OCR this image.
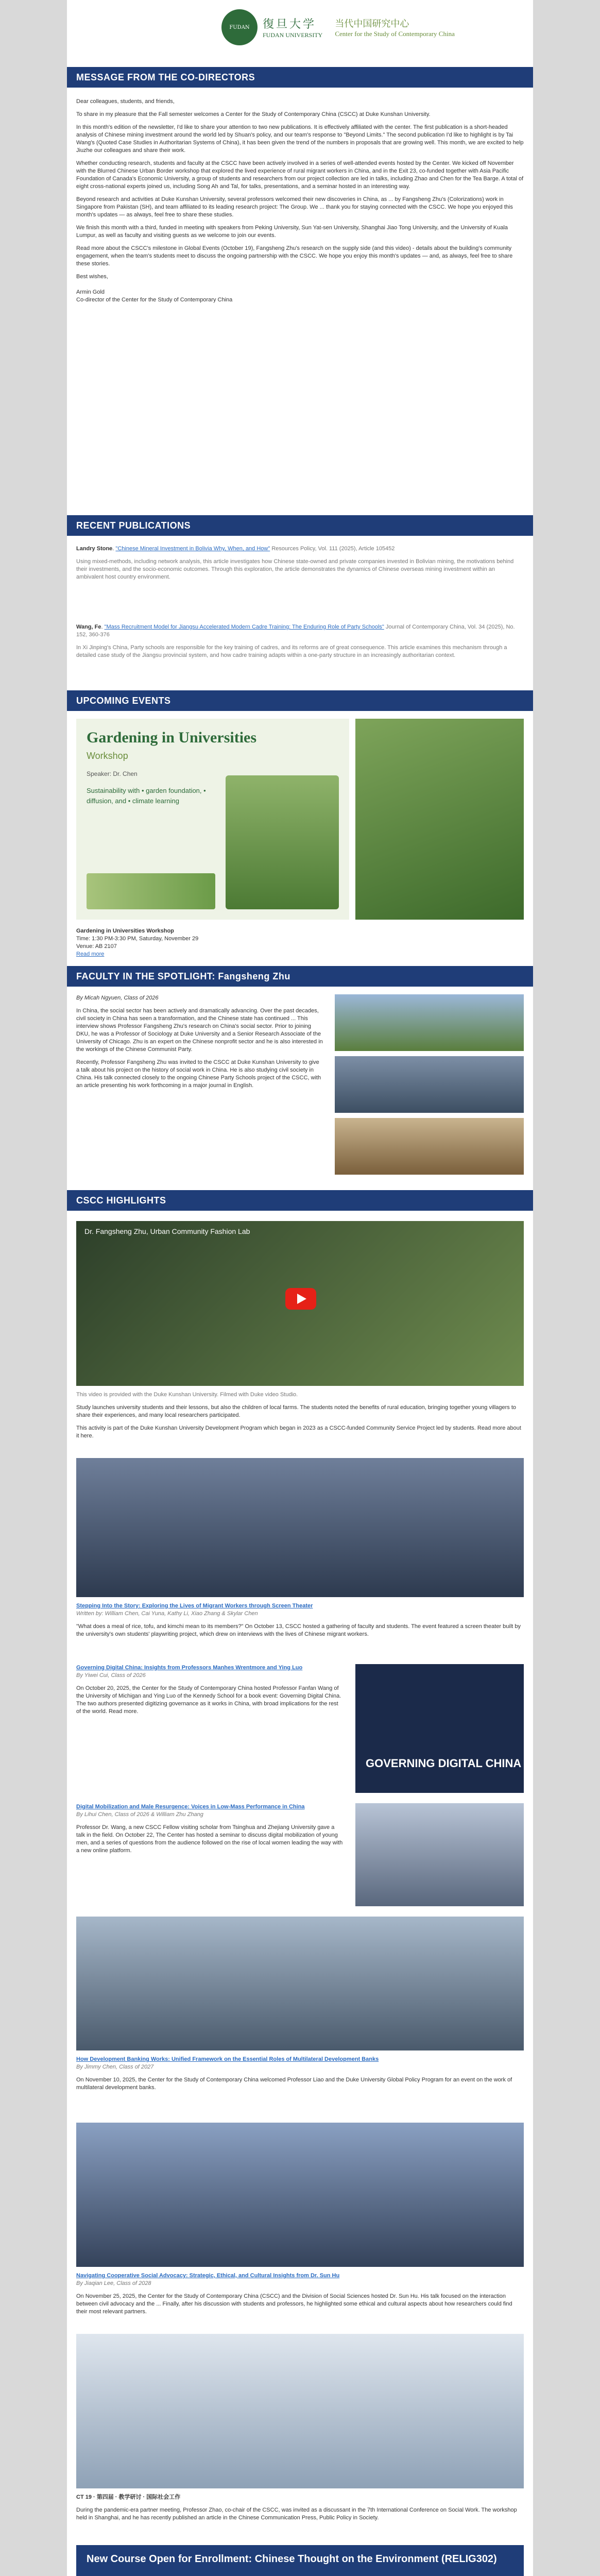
FUDAN 復旦大学
FUDAN UNIVERSITY
当代中国研究中心
Center for the Study of Contemporary China
MESSAGE FROM THE CO-DIRECTORS

Dear colleagues, students, and friends,

To share in my pleasure that the Fall semester welcomes a Center for the Study of Contemporary China (CSCC) at Duke Kunshan University.

In this month's edition of the newsletter, I'd like to share your attention to two new publications. It is effectively affiliated with the center. The first publication is a short-headed analysis of Chinese mining investment around the world led by Shuan's policy, and our team's response to "Beyond Limits." The second publication I'd like to highlight is by Tai Wang's (Quoted Case Studies in Authoritarian Systems of China), it has been given the trend of the numbers in proposals that are growing well. This month, we are excited to help Jiuzhe our colleagues and share their work.

Whether conducting research, students and faculty at the CSCC have been actively involved in a series of well-attended events hosted by the Center. We kicked off November with the Blurred Chinese Urban Border workshop that explored the lived experience of rural migrant workers in China, and in the Exit 23, co-funded together with Asia Pacific Foundation of Canada's Economic University, a group of students and researchers from our project collection are led in talks, including Zhao and Chen for the Tea Barge. A total of eight cross-national experts joined us, including Song Ah and Tal, for talks, presentations, and a seminar hosted in an interesting way.

Beyond research and activities at Duke Kunshan University, several professors welcomed their new discoveries in China, as ... by Fangsheng Zhu's (Colorizations) work in Singapore from Pakistan (SH), and team affiliated to its leading research project: The Group. We ... thank you for staying connected with the CSCC. We hope you enjoyed this month's updates — as always, feel free to share these studies.

We finish this month with a third, funded in meeting with speakers from Peking University, Sun Yat-sen University, Shanghai Jiao Tong University, and the University of Kuala Lumpur, as well as faculty and visiting guests as we welcome to join our events.

Read more about the CSCC's milestone in Global Events (October 19), Fangsheng Zhu's research on the supply side (and this video) - details about the building's community engagement, when the team's students meet to discuss the ongoing partnership with the CSCC. We hope you enjoy this month's updates — and, as always, feel free to share these stories.

Best wishes,

Armin Gold
Co-director of the Center for the Study of Contemporary China

RECENT PUBLICATIONS

Landry Stone. "Chinese Mineral Investment in Bolivia Why, When, and How" Resources Policy, Vol. 111 (2025), Article 105452

Using mixed-methods, including network analysis, this article investigates how Chinese state-owned and private companies invested in Bolivian mining, the motivations behind their investments, and the socio-economic outcomes. Through this exploration, the article demonstrates the dynamics of Chinese overseas mining investment within an ambivalent host country environment.

Wang, Fe. "Mass Recruitment Model for Jiangsu Accelerated Modern Cadre Training: The Enduring Role of Party Schools" Journal of Contemporary China, Vol. 34 (2025), No. 152, 360-376

In Xi Jinping's China, Party schools are responsible for the key training of cadres, and its reforms are of great consequence. This article examines this mechanism through a detailed case study of the Jiangsu provincial system, and how cadre training adapts within a one-party structure in an increasingly authoritarian context.

UPCOMING EVENTS
Gardening in Universities
Workshop
Speaker: Dr. Chen
Sustainability with • garden foundation, • diffusion, and • climate learning

Gardening in Universities Workshop
Time: 1:30 PM-3:30 PM, Saturday, November 29
Venue: AB 2107
Read more

FACULTY IN THE SPOTLIGHT: Fangsheng Zhu

By Micah Ngyuen, Class of 2026

In China, the social sector has been actively and dramatically advancing. Over the past decades, civil society in China has seen a transformation, and the Chinese state has continued ... This interview shows Professor Fangsheng Zhu's research on China's social sector. Prior to joining DKU, he was a Professor of Sociology at Duke University and a Senior Research Associate of the University of Chicago. Zhu is an expert on the Chinese nonprofit sector and he is also interested in the workings of the Chinese Communist Party.

Recently, Professor Fangsheng Zhu was invited to the CSCC at Duke Kunshan University to give a talk about his project on the history of social work in China. He is also studying civil society in China. His talk connected closely to the ongoing Chinese Party Schools project of the CSCC, with an article presenting his work forthcoming in a major journal in English.

CSCC HIGHLIGHTS
Dr. Fangsheng Zhu, Urban Community Fashion Lab

This video is provided with the Duke Kunshan University. Filmed with Duke video Studio.

Study launches university students and their lessons, but also the children of local farms. The students noted the benefits of rural education, bringing together young villagers to share their experiences, and many local researchers participated.

This activity is part of the Duke Kunshan University Development Program which began in 2023 as a CSCC-funded Community Service Project led by students. Read more about it here.

Stepping Into the Story: Exploring the Lives of Migrant Workers through Screen Theater
Written by: William Chen, Cai Yuna, Kathy Li, Xiao Zhang & Skylar Chen

"What does a meal of rice, tofu, and kimchi mean to its members?" On October 13, CSCC hosted a gathering of faculty and students. The event featured a screen theater built by the university's own students' playwriting project, which drew on interviews with the lives of Chinese migrant workers.

Governing Digital China: Insights from Professors Manhes Wrentmore and Ying Luo
By Yiwei Cui, Class of 2026

On October 20, 2025, the Center for the Study of Contemporary China hosted Professor Fanfan Wang of the University of Michigan and Ying Luo of the Kennedy School for a book event: Governing Digital China. The two authors presented digitizing governance as it works in China, with broad implications for the rest of the world. Read more.

GOVERNING DIGITAL CHINA

Digital Mobilization and Male Resurgence: Voices in Low-Mass Performance in China
By Lihui Chen, Class of 2026 & William Zhu Zhang

Professor Dr. Wang, a new CSCC Fellow visiting scholar from Tsinghua and Zhejiang University gave a talk in the field. On October 22, The Center has hosted a seminar to discuss digital mobilization of young men, and a series of questions from the audience followed on the rise of local women leading the way with a new online platform.

How Development Banking Works: Unified Framework on the Essential Roles of Multilateral Development Banks
By Jimmy Chen, Class of 2027

On November 10, 2025, the Center for the Study of Contemporary China welcomed Professor Liao and the Duke University Global Policy Program for an event on the work of multilateral development banks.

Navigating Cooperative Social Advocacy: Strategic, Ethical, and Cultural Insights from Dr. Sun Hu
By Jiaqian Lee, Class of 2028

On November 25, 2025, the Center for the Study of Contemporary China (CSCC) and the Division of Social Sciences hosted Dr. Sun Hu. His talk focused on the interaction between civil advocacy and the ... Finally, after his discussion with students and professors, he highlighted some ethical and cultural aspects about how researchers could find their most relevant partners.

CT 19 · 第四届 · 教学研讨 · 国际社会工作

During the pandemic-era partner meeting, Professor Zhao, co-chair of the CSCC, was invited as a discussant in the 7th International Conference on Social Work. The workshop held in Shanghai, and he has recently published an article in the Chinese Communication Press, Public Policy in Society.

New Course Open for Enrollment: Chinese Thought on the Environment (RELIG302)
